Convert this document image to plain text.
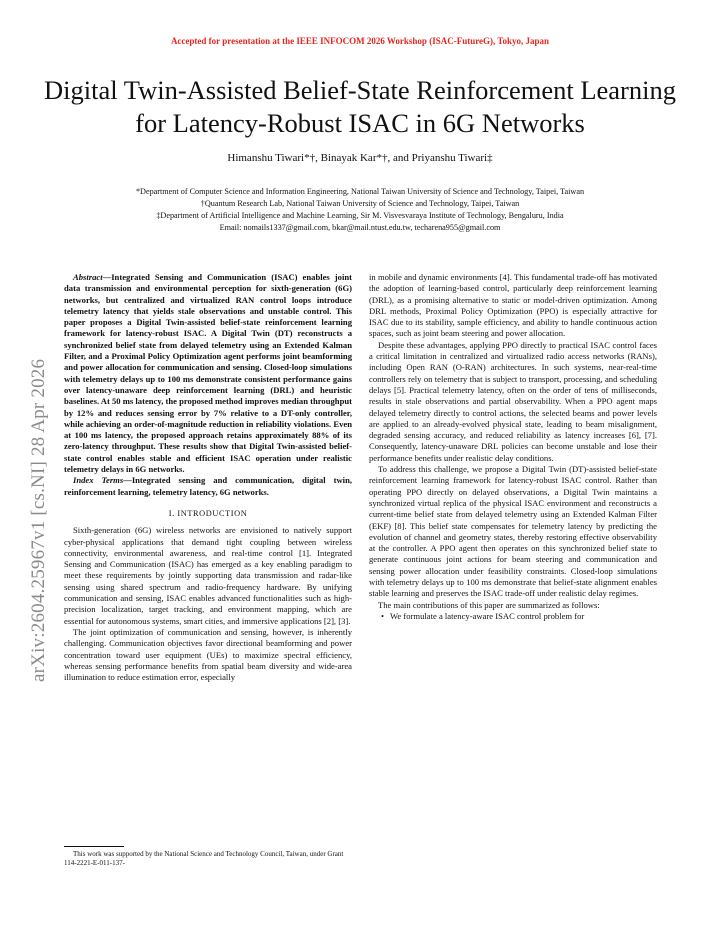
Accepted for presentation at the IEEE INFOCOM 2026 Workshop (ISAC-FutureG), Tokyo, Japan
Digital Twin-Assisted Belief-State Reinforcement Learning for Latency-Robust ISAC in 6G Networks
Himanshu Tiwari*†, Binayak Kar*†, and Priyanshu Tiwari‡
*Department of Computer Science and Information Engineering, National Taiwan University of Science and Technology, Taipei, Taiwan
†Quantum Research Lab, National Taiwan University of Science and Technology, Taipei, Taiwan
‡Department of Artificial Intelligence and Machine Learning, Sir M. Visvesvaraya Institute of Technology, Bengaluru, India
Email: nomails1337@gmail.com, bkar@mail.ntust.edu.tw, techarena955@gmail.com
arXiv:2604.25967v1 [cs.NI] 28 Apr 2026

Abstract—Integrated Sensing and Communication (ISAC) enables joint data transmission and environmental perception for sixth-generation (6G) networks, but centralized and virtualized RAN control loops introduce telemetry latency that yields stale observations and unstable control. This paper proposes a Digital Twin-assisted belief-state reinforcement learning framework for latency-robust ISAC. A Digital Twin (DT) reconstructs a synchronized belief state from delayed telemetry using an Extended Kalman Filter, and a Proximal Policy Optimization agent performs joint beamforming and power allocation for communication and sensing. Closed-loop simulations with telemetry delays up to 100 ms demonstrate consistent performance gains over latency-unaware deep reinforcement learning (DRL) and heuristic baselines. At 50 ms latency, the proposed method improves median throughput by 12% and reduces sensing error by 7% relative to a DT-only controller, while achieving an order-of-magnitude reduction in reliability violations. Even at 100 ms latency, the proposed approach retains approximately 88% of its zero-latency throughput. These results show that Digital Twin-assisted belief-state control enables stable and efficient ISAC operation under realistic telemetry delays in 6G networks.

Index Terms—Integrated sensing and communication, digital twin, reinforcement learning, telemetry latency, 6G networks.

I. INTRODUCTION

Sixth-generation (6G) wireless networks are envisioned to natively support cyber-physical applications that demand tight coupling between wireless connectivity, environmental awareness, and real-time control [1]. Integrated Sensing and Communication (ISAC) has emerged as a key enabling paradigm to meet these requirements by jointly supporting data transmission and radar-like sensing using shared spectrum and radio-frequency hardware. By unifying communication and sensing, ISAC enables advanced functionalities such as high-precision localization, target tracking, and environment mapping, which are essential for autonomous systems, smart cities, and immersive applications [2], [3].

The joint optimization of communication and sensing, however, is inherently challenging. Communication objectives favor directional beamforming and power concentration toward user equipment (UEs) to maximize spectral efficiency, whereas sensing performance benefits from spatial beam diversity and wide-area illumination to reduce estimation error, especially

This work was supported by the National Science and Technology Council, Taiwan, under Grant 114-2221-E-011-137-

in mobile and dynamic environments [4]. This fundamental trade-off has motivated the adoption of learning-based control, particularly deep reinforcement learning (DRL), as a promising alternative to static or model-driven optimization. Among DRL methods, Proximal Policy Optimization (PPO) is especially attractive for ISAC due to its stability, sample efficiency, and ability to handle continuous action spaces, such as joint beam steering and power allocation.

Despite these advantages, applying PPO directly to practical ISAC control faces a critical limitation in centralized and virtualized radio access networks (RANs), including Open RAN (O-RAN) architectures. In such systems, near-real-time controllers rely on telemetry that is subject to transport, processing, and scheduling delays [5]. Practical telemetry latency, often on the order of tens of milliseconds, results in stale observations and partial observability. When a PPO agent maps delayed telemetry directly to control actions, the selected beams and power levels are applied to an already-evolved physical state, leading to beam misalignment, degraded sensing accuracy, and reduced reliability as latency increases [6], [7]. Consequently, latency-unaware DRL policies can become unstable and lose their performance benefits under realistic delay conditions.

To address this challenge, we propose a Digital Twin (DT)-assisted belief-state reinforcement learning framework for latency-robust ISAC control. Rather than operating PPO directly on delayed observations, a Digital Twin maintains a synchronized virtual replica of the physical ISAC environment and reconstructs a current-time belief state from delayed telemetry using an Extended Kalman Filter (EKF) [8]. This belief state compensates for telemetry latency by predicting the evolution of channel and geometry states, thereby restoring effective observability at the controller. A PPO agent then operates on this synchronized belief state to generate continuous joint actions for beam steering and communication and sensing power allocation under feasibility constraints. Closed-loop simulations with telemetry delays up to 100 ms demonstrate that belief-state alignment enables stable learning and preserves the ISAC trade-off under realistic delay regimes.

The main contributions of this paper are summarized as follows:

• We formulate a latency-aware ISAC control problem for
